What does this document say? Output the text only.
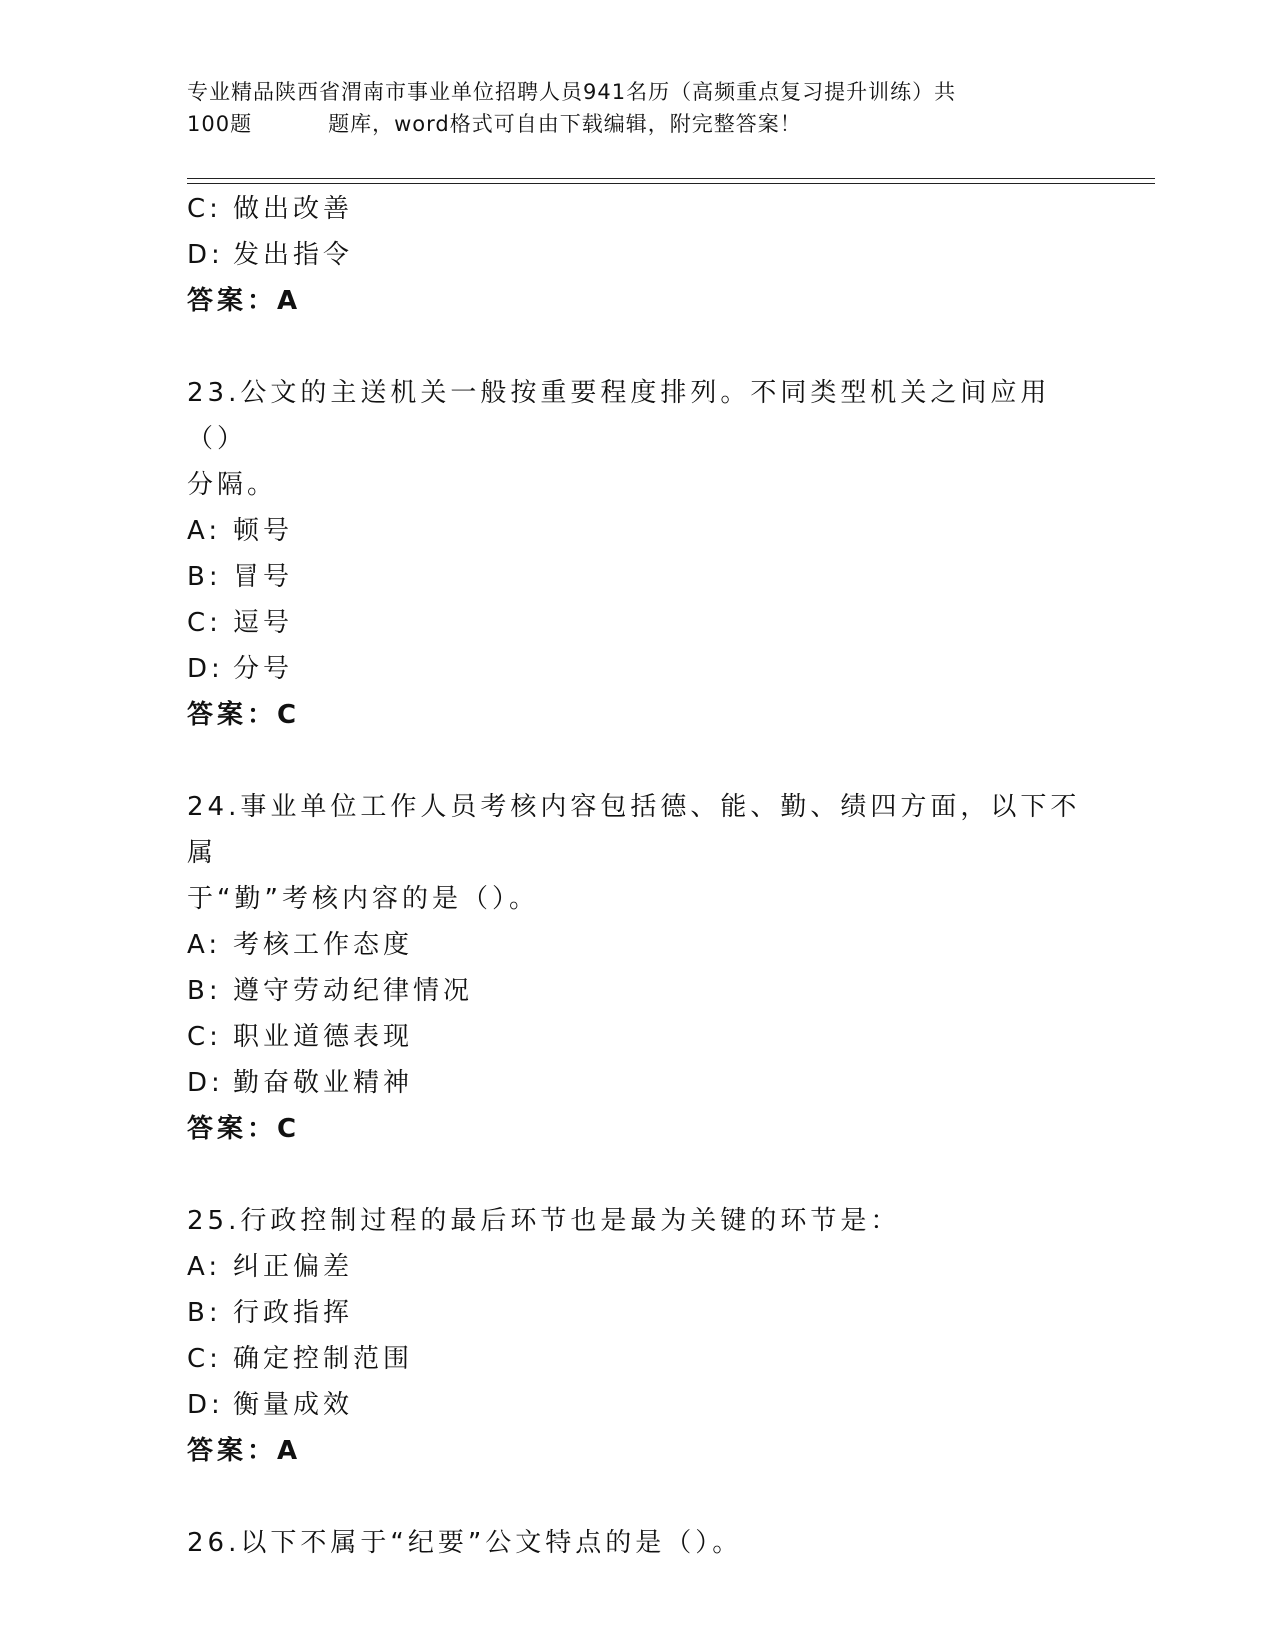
专业精品陕西省渭南市事业单位招聘人员941名历（高频重点复习提升训练）共
100题	题库，word格式可自由下载编辑，附完整答案！
C: 做出改善
D: 发出指令
答案：A
23.公文的主送机关一般按重要程度排列。不同类型机关之间应用（）
分隔。
A: 顿号
B: 冒号
C: 逗号
D: 分号
答案：C
24.事业单位工作人员考核内容包括德、能、勤、绩四方面，以下不属
于“勤”考核内容的是（）。
A: 考核工作态度
B: 遵守劳动纪律情况
C: 职业道德表现
D: 勤奋敬业精神
答案：C
25.行政控制过程的最后环节也是最为关键的环节是：
A: 纠正偏差
B: 行政指挥
C: 确定控制范围
D: 衡量成效
答案：A
26.以下不属于“纪要”公文特点的是（）。
